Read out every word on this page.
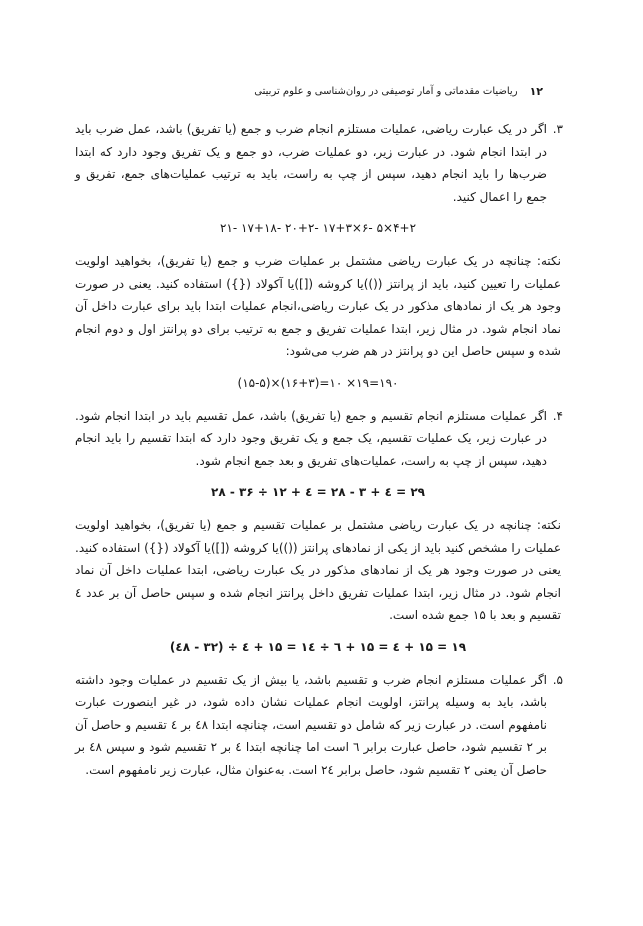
۱۲
ریاضیات مقدماتی و آمار توصیفی در روان‌شناسی و علوم تربیتی

۳.
اگر در یک عبارت ریاضی، عملیات مستلزم انجام ضرب و جمع (یا تفریق) باشد، عمل ضرب باید در ابتدا انجام شود. در عبارت زیر، دو عملیات ضرب، دو جمع و یک تفریق وجود دارد که ابتدا ضرب‌ها را باید انجام دهید، سپس از چپ به راست، باید به ترتیب عملیات‌های جمع، تفریق و جمع را اعمال کنید.

۲۱- ۱۷+۱۸- ۲۰+۲- ۱۷+۳×۶- ۵×۴+۲

نکته: چنانچه در یک عبارت ریاضی مشتمل بر عملیات ضرب و جمع (یا تفریق)، بخواهید اولویت عملیات را تعیین کنید، باید از پرانتز (())یا کروشه ([])یا آکولاد ({}) استفاده کنید. یعنی در صورت وجود هر یک از نمادهای مذکور در یک عبارت ریاضی،انجام عملیات ابتدا باید برای عبارت داخل آن نماد انجام شود. در مثال زیر، ابتدا عملیات تفریق و جمع به ترتیب برای دو پرانتز اول و دوم انجام شده و سپس حاصل این دو پرانتز در هم ضرب می‌شود:

(۱۵-۵)×(۱۶+۳)=۱۰ ×۱۹=۱۹۰

۴.
اگر عملیات مستلزم انجام تقسیم و جمع (یا تفریق) باشد، عمل تقسیم باید در ابتدا انجام شود. در عبارت زیر، یک عملیات تقسیم، یک جمع و یک تفریق وجود دارد که ابتدا تقسیم را باید انجام دهید، سپس از چپ به راست، عملیات‌های تفریق و بعد جمع انجام شود.

۲۸ - ۳۶ ÷ ۱۲ + ٤ = ۲۸ - ۳ + ٤ = ۲۹

نکته: چنانچه در یک عبارت ریاضی مشتمل بر عملیات تقسیم و جمع (یا تفریق)، بخواهید اولویت عملیات را مشخص کنید باید از یکی از نمادهای پرانتز (())یا کروشه ([])یا آکولاد ({}) استفاده کنید. یعنی در صورت وجود هر یک از نمادهای مذکور در یک عبارت ریاضی، ابتدا عملیات داخل آن نماد انجام شود. در مثال زیر، ابتدا عملیات تفریق داخل پرانتز انجام شده و سپس حاصل آن بر عدد ٤ تقسیم و بعد با ۱۵ جمع شده است.

(٤۸ - ۳۲) ÷ ٤ + ۱۵ = ۱٦ ÷ ٤ + ۱۵ = ٤ + ۱۵ = ۱۹

۵.
اگر عملیات مستلزم انجام ضرب و تقسیم باشد، یا بیش از یک تقسیم در عملیات وجود داشته باشد، باید به وسیله پرانتز، اولویت انجام عملیات نشان داده شود، در غیر اینصورت عبارت نامفهوم است. در عبارت زیر که شامل دو تقسیم است، چنانچه ابتدا ٤۸ بر ٤ تقسیم و حاصل آن بر ۲ تقسیم شود، حاصل عبارت برابر ٦ است اما چنانچه ابتدا ٤ بر ۲ تقسیم شود و سپس ٤۸ بر حاصل آن یعنی ۲ تقسیم شود، حاصل برابر ۲٤ است. به‌عنوان مثال، عبارت زیر نامفهوم است.
